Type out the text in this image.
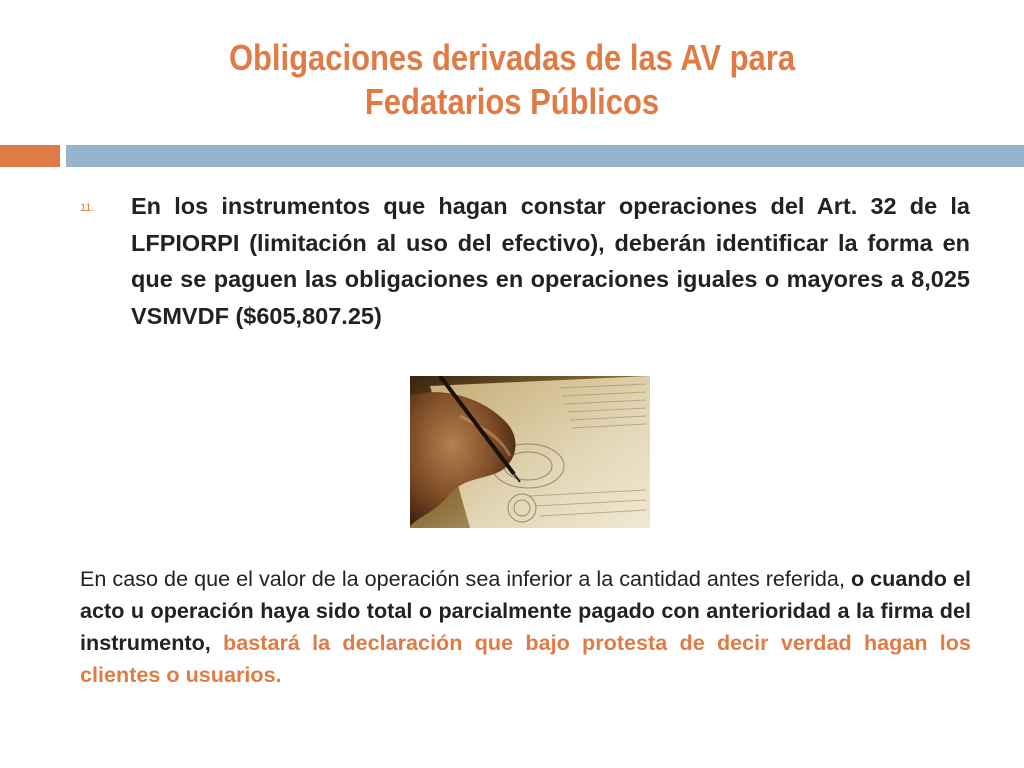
Obligaciones derivadas de las AV para Fedatarios Públicos
11. En los instrumentos que hagan constar operaciones del Art. 32 de la LFPIORPI (limitación al uso del efectivo), deberán identificar la forma en que se paguen las obligaciones en operaciones iguales o mayores a 8,025 VSMVDF ($605,807.25)
En caso de que el valor de la operación sea inferior a la cantidad antes referida, o cuando el acto u operación haya sido total o parcialmente pagado con anterioridad a la firma del instrumento, bastará la declaración que bajo protesta de decir verdad hagan los clientes o usuarios.
